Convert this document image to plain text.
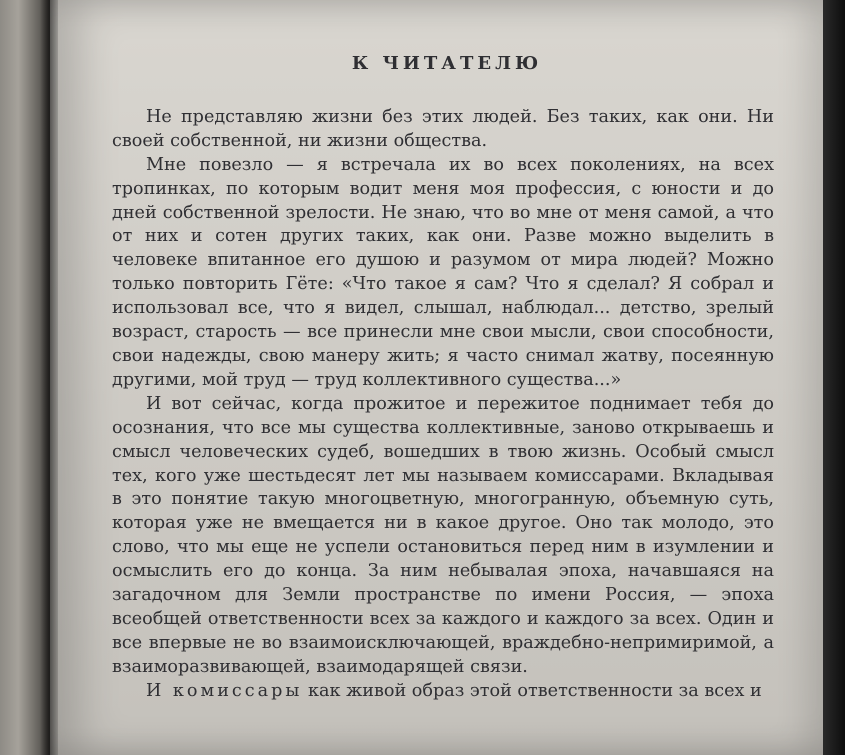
К ЧИТАТЕЛЮ

Не представляю жизни без этих людей. Без таких, как они. Ни своей собственной, ни жизни общества.

Мне повезло — я встречала их во всех поколениях, на всех тропинках, по которым водит меня моя профессия, с юности и до дней собственной зрелости. Не знаю, что во мне от меня самой, а что от них и сотен других таких, как они. Разве можно выделить в человеке впитанное его душою и разумом от мира людей? Можно только повторить Гёте: «Что такое я сам? Что я сделал? Я собрал и использовал все, что я видел, слышал, наблюдал... детство, зрелый возраст, старость — все принесли мне свои мысли, свои способности, свои надежды, свою манеру жить; я часто снимал жатву, посеянную другими, мой труд — труд коллективного существа...»

И вот сейчас, когда прожитое и пережитое поднимает тебя до осознания, что все мы существа коллективные, заново открываешь и смысл человеческих судеб, вошедших в твою жизнь. Особый смысл тех, кого уже шестьдесят лет мы называем комиссарами. Вкладывая в это понятие такую многоцветную, многогранную, объемную суть, которая уже не вмещается ни в какое другое. Оно так молодо, это слово, что мы еще не успели остановиться перед ним в изумлении и осмыслить его до конца. За ним небывалая эпоха, начавшаяся на загадочном для Земли пространстве по имени Россия, — эпоха всеобщей ответственности всех за каждого и каждого за всех. Один и все впервые не во взаимоисключающей, враждебно-непримиримой, а взаиморазвивающей, взаимодарящей связи.

И комиссары как живой образ этой ответственности за всех и
